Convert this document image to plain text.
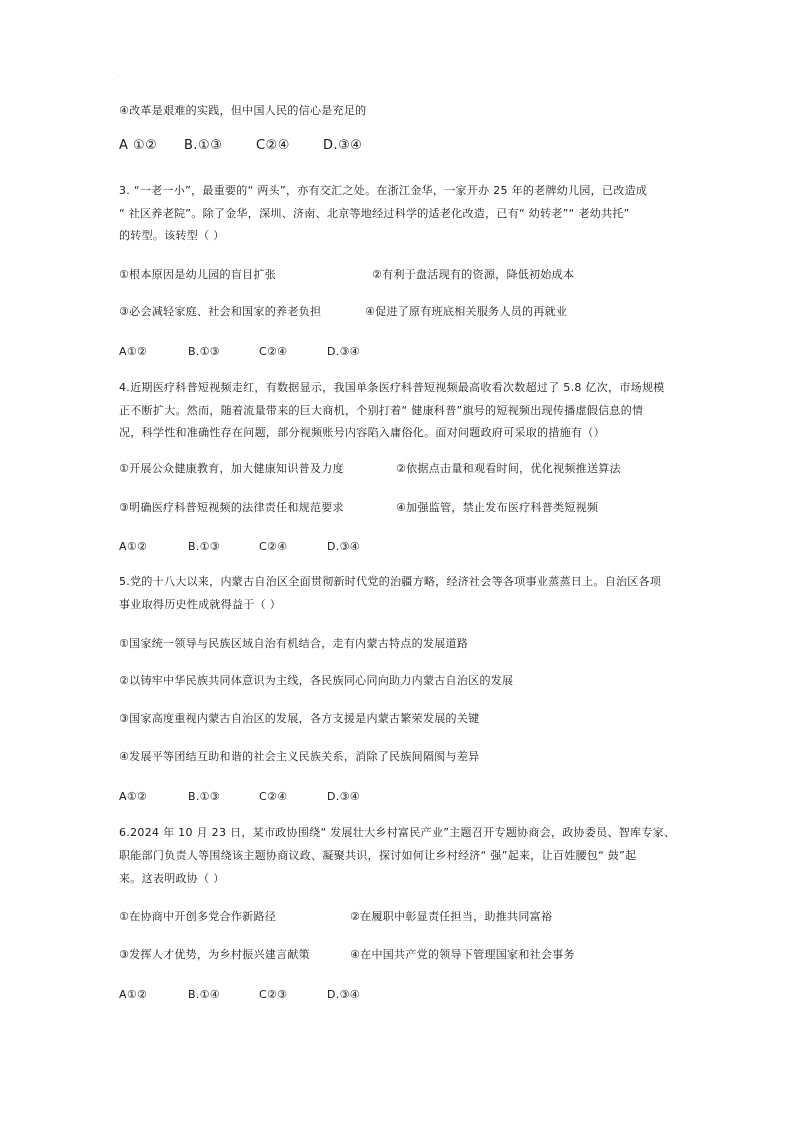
·
④改革是艰难的实践，但中国人民的信心是充足的
A ①② B.①③	C②④	D.③④
3. “一老一小”，最重要的“ 两头”，亦有交汇之处。在浙江金华，一家开办 25 年的老牌幼儿园，已改造成
“ 社区养老院”。除了金华，深圳、济南、北京等地经过科学的适老化改造，已有“ 幼转老”“ 老幼共托”
的转型。该转型（ ）
①根本原因是幼儿园的盲目扩张	②有利于盘活现有的资源，降低初始成本
③必会减轻家庭、社会和国家的养老负担	④促进了原有班底相关服务人员的再就业
A①②	B.①③	C②④	D.③④
4.近期医疗科普短视频走红，有数据显示，我国单条医疗科普短视频最高收看次数超过了 5.8 亿次，市场规模
正不断扩大。然而，随着流量带来的巨大商机，个别打着“ 健康科普”旗号的短视频出现传播虚假信息的情
况，科学性和准确性存在问题，部分视频账号内容陷入庸俗化。面对问题政府可采取的措施有（）
①开展公众健康教育，加大健康知识普及力度	②依据点击量和观看时间，优化视频推送算法
③明确医疗科普短视频的法律责任和规范要求	④加强监管，禁止发布医疗科普类短视频
A①②	B.①③	C②④	D.③④
5.党的十八大以来，内蒙古自治区全面贯彻新时代党的治疆方略，经济社会等各项事业蒸蒸日上。自治区各项
事业取得历史性成就得益于（ ）
①国家统一领导与民族区域自治有机结合，走有内蒙古特点的发展道路
②以铸牢中华民族共同体意识为主线，各民族同心同向助力内蒙古自治区的发展
③国家高度重视内蒙古自治区的发展，各方支援是内蒙古繁荣发展的关键
④发展平等团结互助和谐的社会主义民族关系，消除了民族间隔阂与差异
A①②	B.①③	C②④	D.③④
6.2024 年 10 月 23 日，某市政协围绕“ 发展壮大乡村富民产业”主题召开专题协商会，政协委员、智库专家、
职能部门负责人等围绕该主题协商议政、凝聚共识，探讨如何让乡村经济“ 强”起来，让百姓腰包“ 鼓”起
来。这表明政协（ ）
①在协商中开创多党合作新路径	②在履职中彰显责任担当，助推共同富裕
③发挥人才优势，为乡村振兴建言献策	④在中国共产党的领导下管理国家和社会事务
A①②	B.①④	C②③	D.③④
